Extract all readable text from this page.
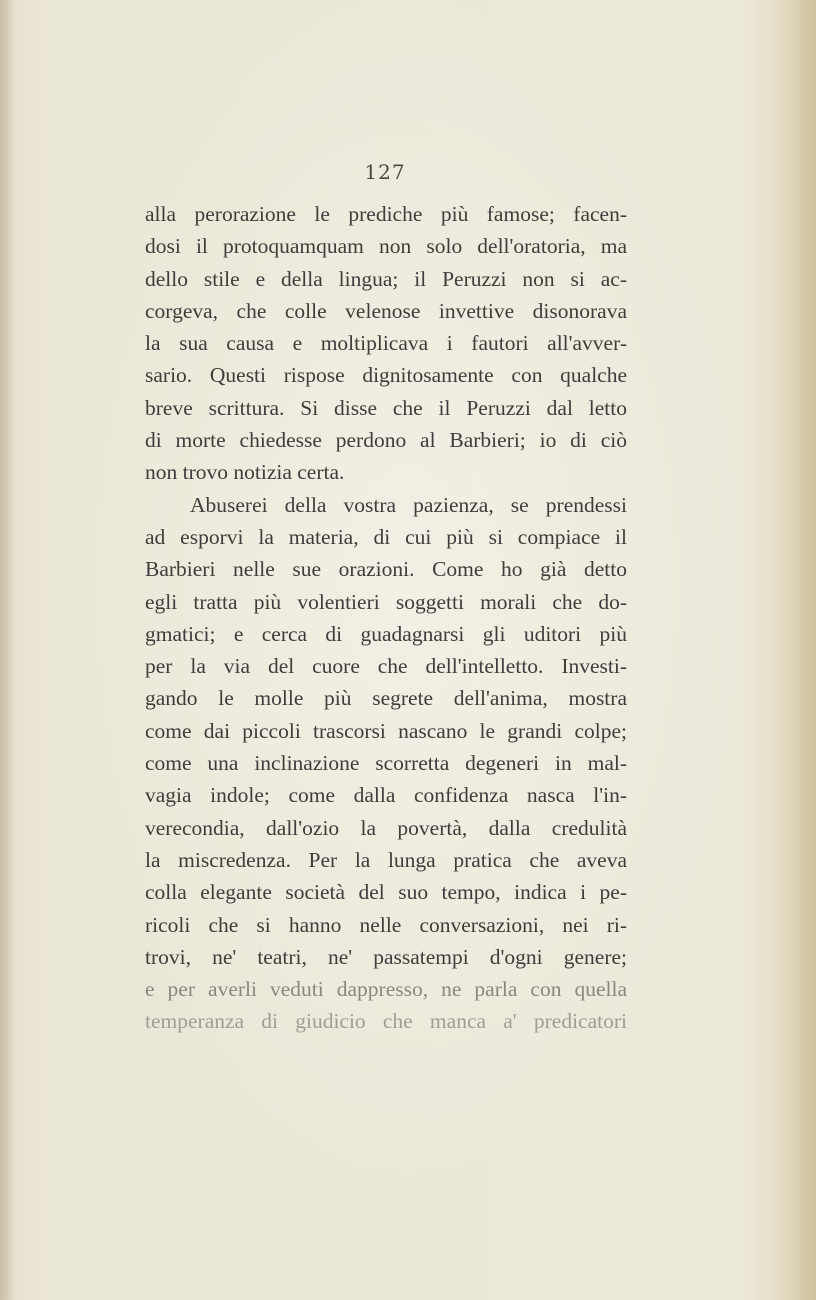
127
alla perorazione le prediche più famose; facen-
dosi il protoquamquam non solo dell'oratoria, ma
dello stile e della lingua; il Peruzzi non si ac-
corgeva, che colle velenose invettive disonorava
la sua causa e moltiplicava i fautori all'avver-
sario. Questi rispose dignitosamente con qualche
breve scrittura. Si disse che il Peruzzi dal letto
di morte chiedesse perdono al Barbieri; io di ciò
non trovo notizia certa.
Abuserei della vostra pazienza, se prendessi
ad esporvi la materia, di cui più si compiace il
Barbieri nelle sue orazioni. Come ho già detto
egli tratta più volentieri soggetti morali che do-
gmatici; e cerca di guadagnarsi gli uditori più
per la via del cuore che dell'intelletto. Investi-
gando le molle più segrete dell'anima, mostra
come dai piccoli trascorsi nascano le grandi colpe;
come una inclinazione scorretta degeneri in mal-
vagia indole; come dalla confidenza nasca l'in-
verecondia, dall'ozio la povertà, dalla credulità
la miscredenza. Per la lunga pratica che aveva
colla elegante società del suo tempo, indica i pe-
ricoli che si hanno nelle conversazioni, nei ri-
trovi, ne' teatri, ne' passatempi d'ogni genere;
e per averli veduti dappresso, ne parla con quella
temperanza di giudicio che manca a' predicatori
